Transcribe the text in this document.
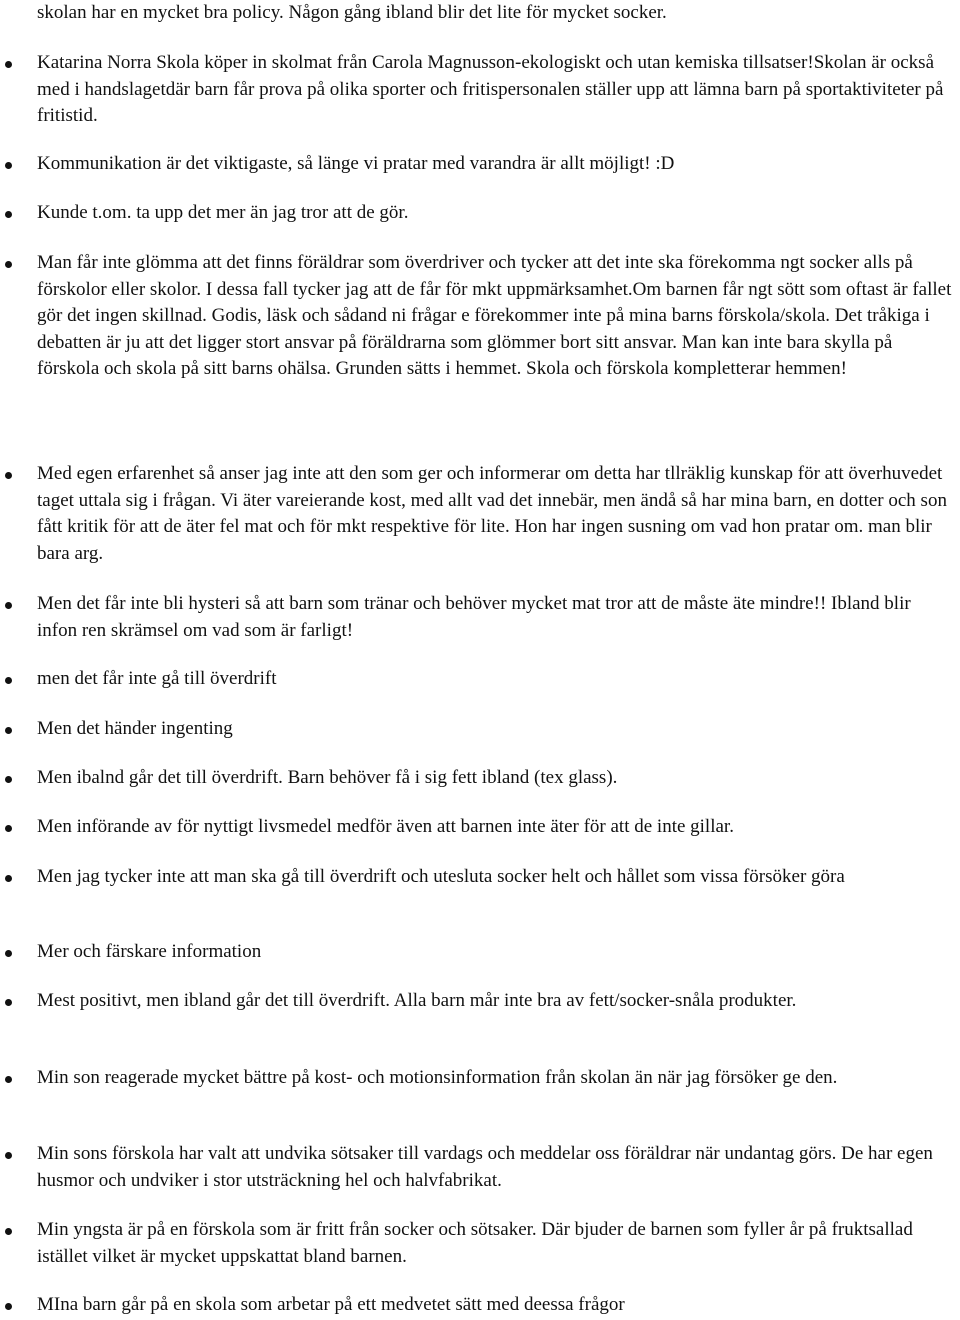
skolan har en mycket bra policy. Någon gång ibland blir det lite för mycket socker.

Katarina Norra Skola köper in skolmat från Carola Magnusson-ekologiskt och utan kemiska tillsatser!Skolan är också med i handslagetdär barn får prova på olika sporter och fritispersonalen ställer upp att lämna barn på sportaktiviteter på fritistid.
Kommunikation är det viktigaste, så länge vi pratar med varandra är allt möjligt! :D
Kunde t.om. ta upp det mer än jag tror att de gör.
Man får inte glömma att det finns föräldrar som överdriver och tycker att det inte ska förekomma ngt socker alls på förskolor eller skolor. I dessa fall tycker jag att de får för mkt uppmärksamhet.Om barnen får ngt sött som oftast är fallet gör det ingen skillnad. Godis, läsk och sådand ni frågar e förekommer inte på mina barns förskola/skola. Det tråkiga i debatten är ju att det ligger stort ansvar på föräldrarna som glömmer bort sitt ansvar. Man kan inte bara skylla på förskola och skola på sitt barns ohälsa. Grunden sätts i hemmet. Skola och förskola kompletterar hemmen!
Med egen erfarenhet så anser jag inte att den som ger och informerar om detta har tllräklig kunskap för att överhuvedet taget uttala sig i frågan. Vi äter vareierande kost, med allt vad det innebär, men ändå så har mina barn, en dotter och son fått kritik för att de äter fel mat och för mkt respektive för lite. Hon har ingen susning om vad hon pratar om. man blir bara arg.
Men det får inte bli hysteri så att barn som tränar och behöver mycket mat tror att de måste äte mindre!! Ibland blir infon ren skrämsel om vad som är farligt!
men det får inte gå till överdrift
Men det händer ingenting
Men ibalnd går det till överdrift. Barn behöver få i sig fett ibland (tex glass).
Men införande av för nyttigt livsmedel medför även att barnen inte äter för att de inte gillar.
Men jag tycker inte att man ska gå till överdrift och utesluta socker helt och hållet som vissa försöker göra
Mer och färskare information
Mest positivt, men ibland går det till överdrift. Alla barn mår inte bra av fett/socker-snåla produkter.
Min son reagerade mycket bättre på kost- och motionsinformation från skolan än när jag försöker ge den.
Min sons förskola har valt att undvika sötsaker till vardags och meddelar oss föräldrar när undantag görs. De har egen husmor och undviker i stor utsträckning hel och halvfabrikat.
Min yngsta är på en förskola som är fritt från socker och sötsaker. Där bjuder de barnen som fyller år på fruktsallad istället vilket är mycket uppskattat bland barnen.
MIna barn går på en skola som arbetar på ett medvetet sätt med deessa frågor
